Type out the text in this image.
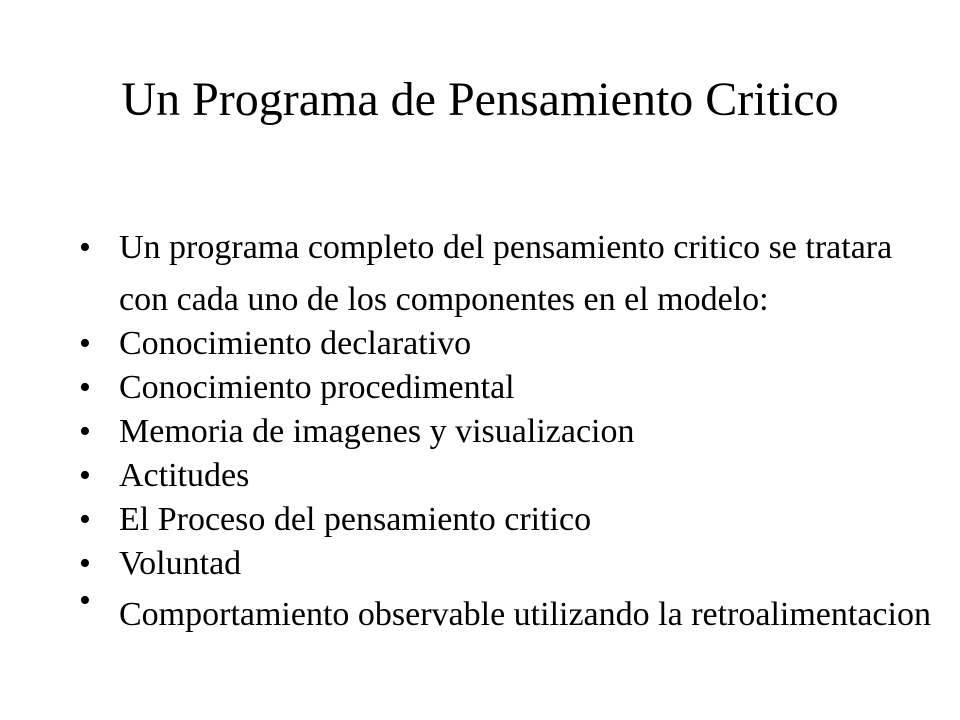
Un Programa de Pensamiento Critico
• Un programa completo del pensamiento critico se tratara con cada uno de los componentes en el modelo:
• Conocimiento declarativo
• Conocimiento procedimental
• Memoria de imagenes y visualizacion
• Actitudes
• El Proceso del pensamiento critico
• Voluntad
• Comportamiento observable utilizando la retroalimentacion
